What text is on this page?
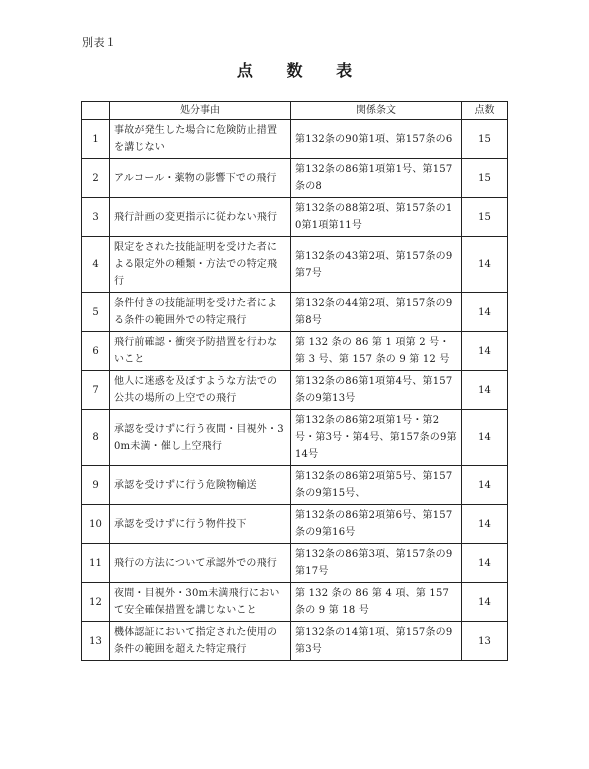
別表１
点 数 表
	処分事由	関係条文	点数
1	事故が発生した場合に危険防止措置を講じない	第132条の90第1項、第157条の6	15
2	アルコール・薬物の影響下での飛行	第132条の86第1項第1号、第157条の8	15
3	飛行計画の変更指示に従わない飛行	第132条の88第2項、第157条の10第1項第11号	15
4	限定をされた技能証明を受けた者による限定外の種類・方法での特定飛行	第132条の43第2項、第157条の9第7号	14
5	条件付きの技能証明を受けた者による条件の範囲外での特定飛行	第132条の44第2項、第157条の9第8号	14
6	飛行前確認・衝突予防措置を行わないこと	第 132 条の 86 第 1 項第 2 号・第 3 号、第 157 条の 9 第 12 号	14
7	他人に迷惑を及ぼすような方法での公共の場所の上空での飛行	第132条の86第1項第4号、第157条の9第13号	14
8	承認を受けずに行う夜間・目視外・30m未満・催し上空飛行	第132条の86第2項第1号・第2号・第3号・第4号、第157条の9第14号	14
9	承認を受けずに行う危険物輸送	第132条の86第2項第5号、第157条の9第15号、	14
10	承認を受けずに行う物件投下	第132条の86第2項第6号、第157条の9第16号	14
11	飛行の方法について承認外での飛行	第132条の86第3項、第157条の9第17号	14
12	夜間・目視外・30m未満飛行において安全確保措置を講じないこと	第 132 条の 86 第 4 項、第 157 条の 9 第 18 号	14
13	機体認証において指定された使用の条件の範囲を超えた特定飛行	第132条の14第1項、第157条の9第3号	13
